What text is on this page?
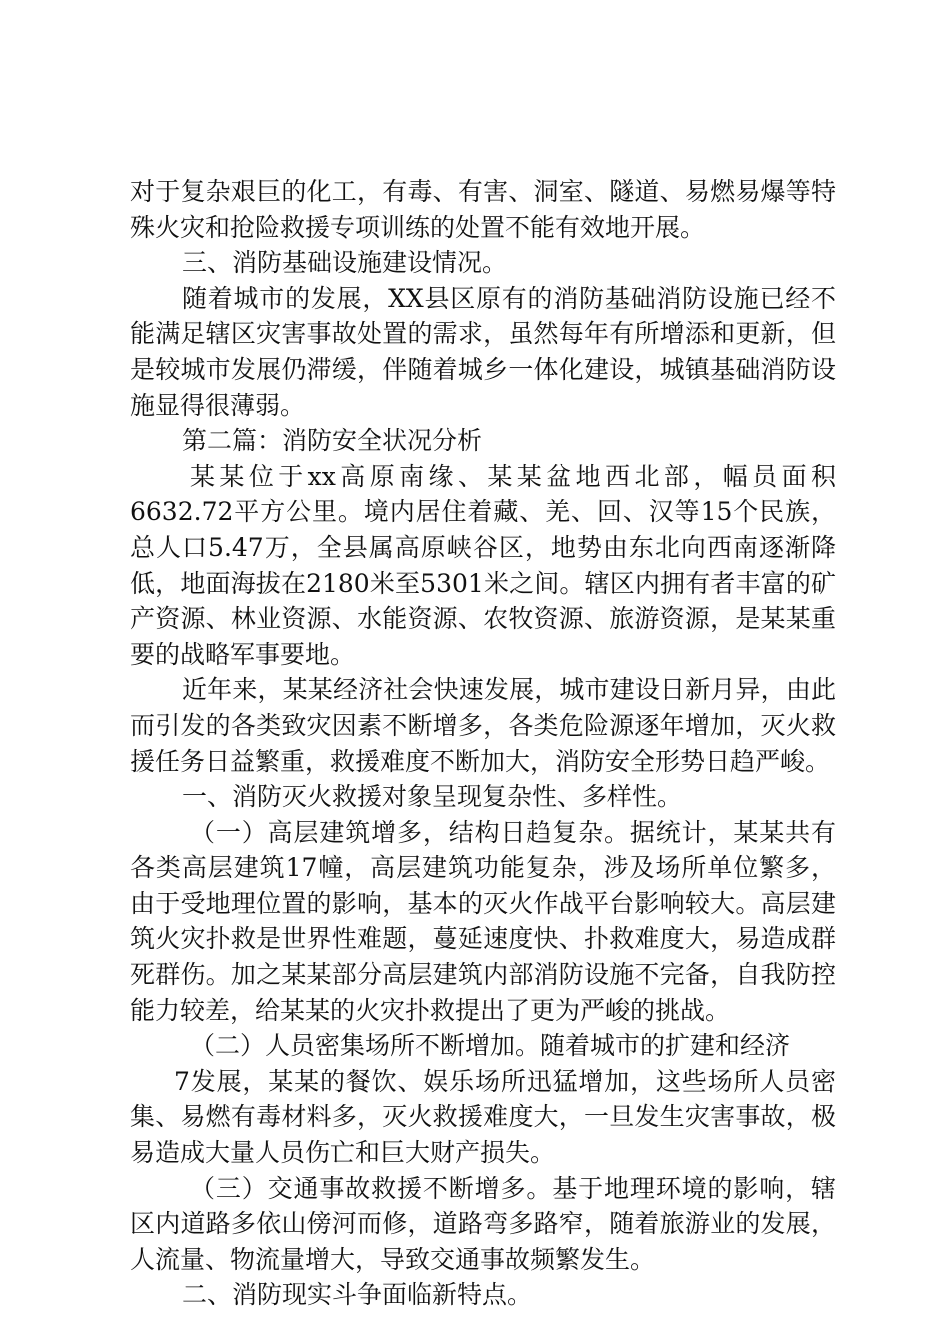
对于复杂艰巨的化工，有毒、有害、洞室、隧道、易燃易爆等特殊火灾和抢险救援专项训练的处置不能有效地开展。

三、消防基础设施建设情况。

随着城市的发展，XX县区原有的消防基础消防设施已经不能满足辖区灾害事故处置的需求，虽然每年有所增添和更新，但是较城市发展仍滞缓，伴随着城乡一体化建设，城镇基础消防设施显得很薄弱。

第二篇：消防安全状况分析

某某位于xx高原南缘、某某盆地西北部，幅员面积6632.72平方公里。境内居住着藏、羌、回、汉等15个民族，总人口5.47万，全县属高原峡谷区，地势由东北向西南逐渐降低，地面海拔在2180米至5301米之间。辖区内拥有者丰富的矿产资源、林业资源、水能资源、农牧资源、旅游资源，是某某重要的战略军事要地。

近年来，某某经济社会快速发展，城市建设日新月异，由此而引发的各类致灾因素不断增多，各类危险源逐年增加，灭火救援任务日益繁重，救援难度不断加大，消防安全形势日趋严峻。

一、消防灭火救援对象呈现复杂性、多样性。

（一）高层建筑增多，结构日趋复杂。据统计，某某共有各类高层建筑17幢，高层建筑功能复杂，涉及场所单位繁多，由于受地理位置的影响，基本的灭火作战平台影响较大。高层建筑火灾扑救是世界性难题，蔓延速度快、扑救难度大，易造成群死群伤。加之某某部分高层建筑内部消防设施不完备，自我防控能力较差，给某某的火灾扑救提出了更为严峻的挑战。

（二）人员密集场所不断增加。随着城市的扩建和经济

7发展，某某的餐饮、娱乐场所迅猛增加，这些场所人员密集、易燃有毒材料多，灭火救援难度大，一旦发生灾害事故，极易造成大量人员伤亡和巨大财产损失。

（三）交通事故救援不断增多。基于地理环境的影响，辖区内道路多依山傍河而修，道路弯多路窄，随着旅游业的发展，人流量、物流量增大，导致交通事故频繁发生。

二、消防现实斗争面临新特点。
